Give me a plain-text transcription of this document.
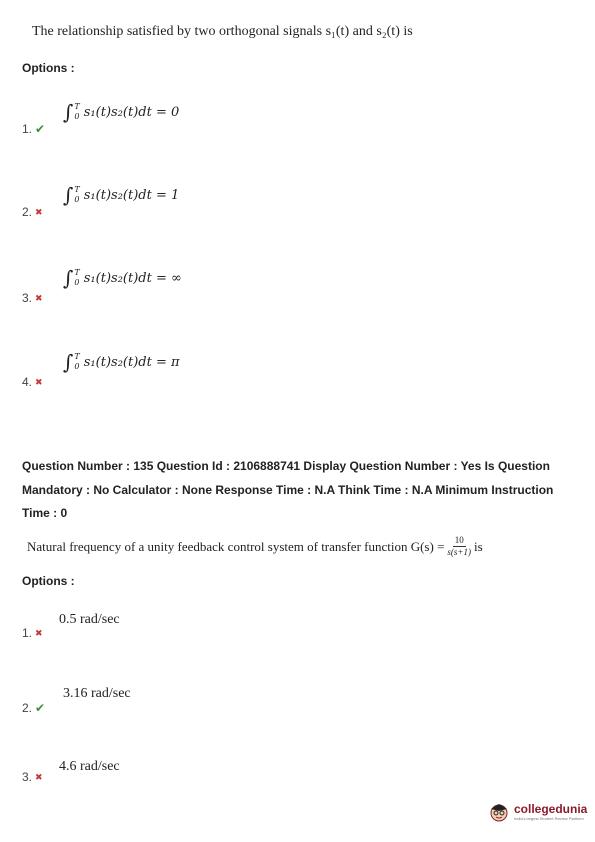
The relationship satisfied by two orthogonal signals s₁(t) and s₂(t) is
Options :
∫ T
0 s₁(t)s₂(t)dt = 0
1. ✔
∫ T
0 s₁(t)s₂(t)dt = 1
2. ✖
∫ T
0 s₁(t)s₂(t)dt = ∞
3. ✖
∫ T
0 s₁(t)s₂(t)dt = π
4. ✖
Question Number : 135 Question Id : 2106888741 Display Question Number : Yes Is Question
Mandatory : No Calculator : None Response Time : N.A Think Time : N.A Minimum Instruction
Time : 0
Natural frequency of a unity feedback control system of transfer function $G(s) = \frac{10}{s(s+1)}$ is
Options :
0.5 rad/sec
1. ✖
3.16 rad/sec
2. ✔
4.6 rad/sec
3. ✖
collegedunia
India's largest Student Review Platform
